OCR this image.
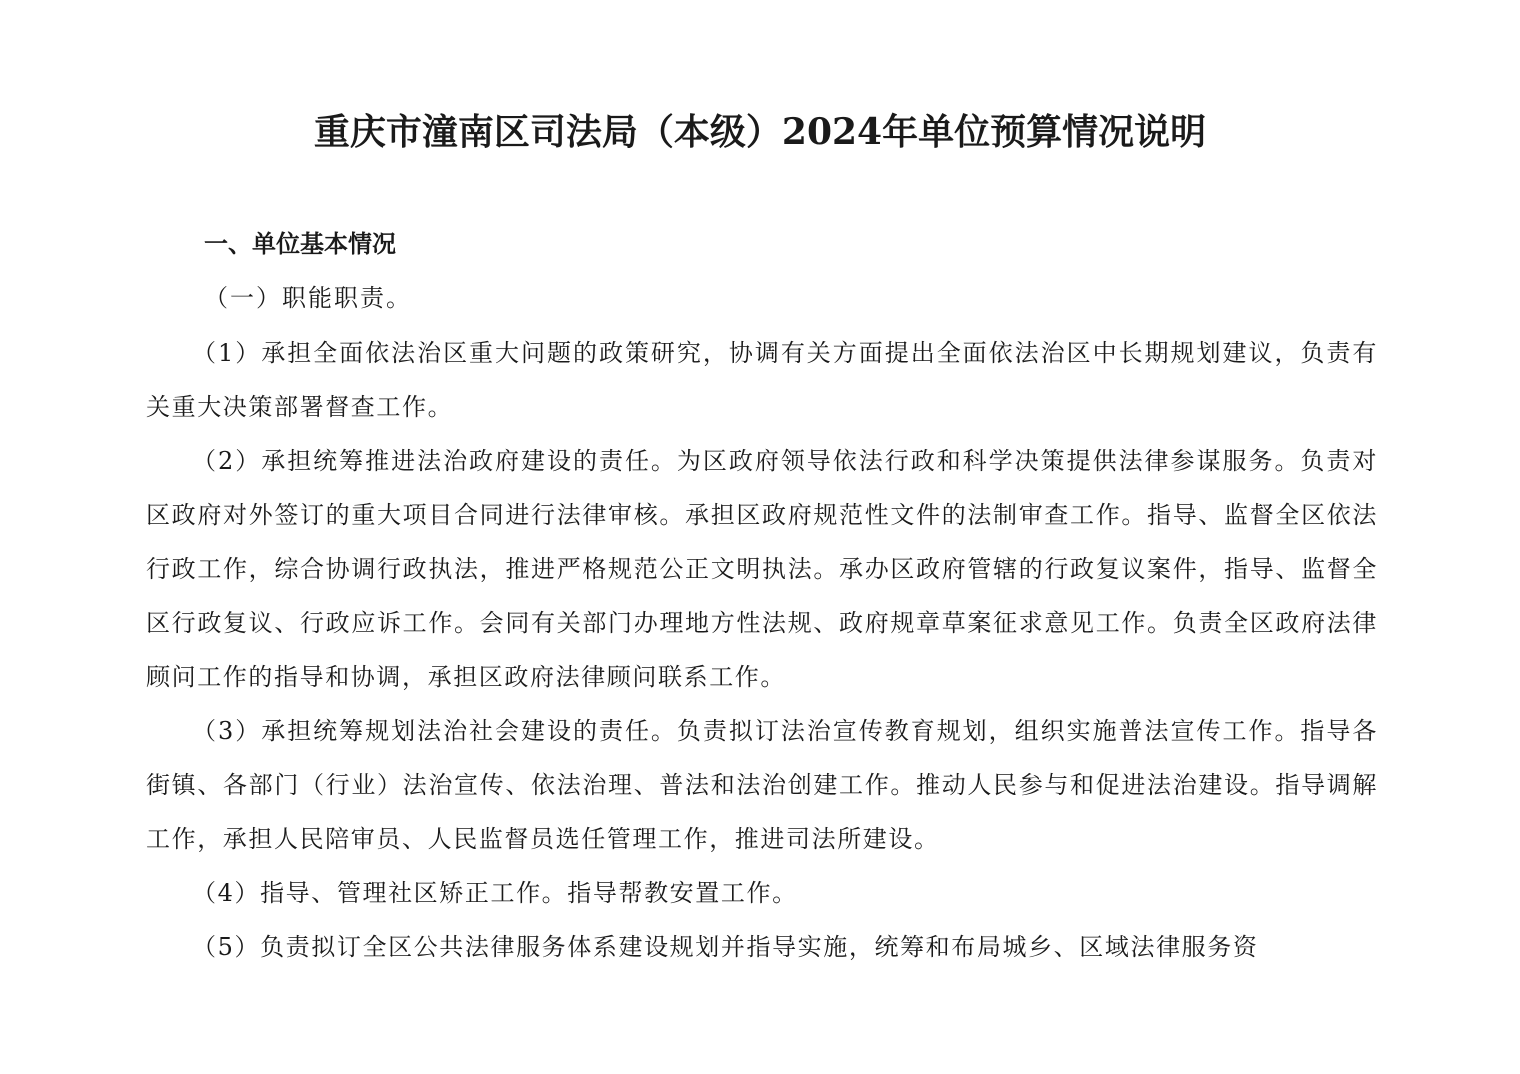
重庆市潼南区司法局（本级）2024年单位预算情况说明
一、单位基本情况
（一）职能职责。

（1）承担全面依法治区重大问题的政策研究，协调有关方面提出全面依法治区中长期规划建议，负责有关重大决策部署督查工作。

（2）承担统筹推进法治政府建设的责任。为区政府领导依法行政和科学决策提供法律参谋服务。负责对区政府对外签订的重大项目合同进行法律审核。承担区政府规范性文件的法制审查工作。指导、监督全区依法行政工作，综合协调行政执法，推进严格规范公正文明执法。承办区政府管辖的行政复议案件，指导、监督全区行政复议、行政应诉工作。会同有关部门办理地方性法规、政府规章草案征求意见工作。负责全区政府法律顾问工作的指导和协调，承担区政府法律顾问联系工作。

（3）承担统筹规划法治社会建设的责任。负责拟订法治宣传教育规划，组织实施普法宣传工作。指导各街镇、各部门（行业）法治宣传、依法治理、普法和法治创建工作。推动人民参与和促进法治建设。指导调解工作，承担人民陪审员、人民监督员选任管理工作，推进司法所建设。

（4）指导、管理社区矫正工作。指导帮教安置工作。

（5）负责拟订全区公共法律服务体系建设规划并指导实施，统筹和布局城乡、区域法律服务资
